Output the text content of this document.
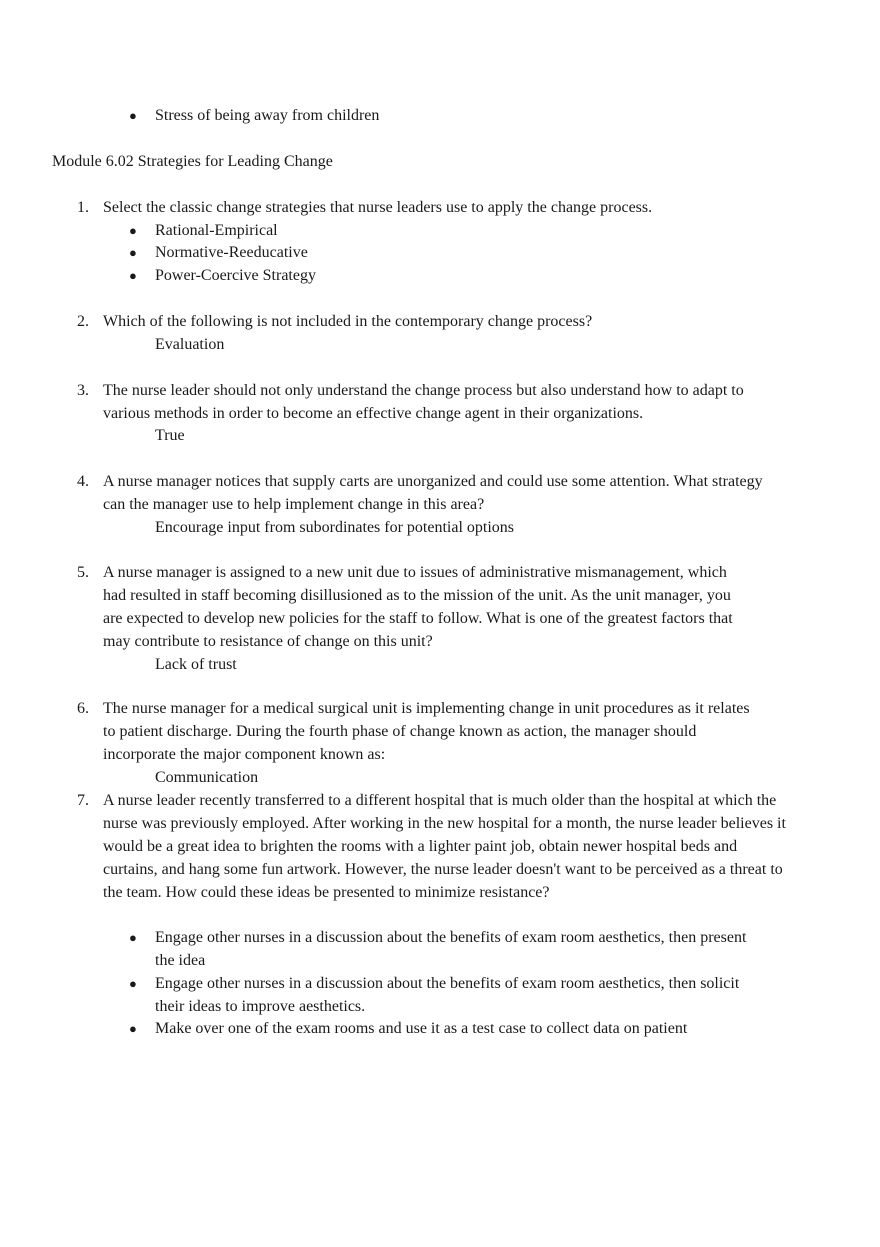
● Stress of being away from children
Module 6.02 Strategies for Leading Change
1. Select the classic change strategies that nurse leaders use to apply the change process.
● Rational-Empirical
● Normative-Reeducative
● Power-Coercive Strategy
2. Which of the following is not included in the contemporary change process?
Evaluation
3. The nurse leader should not only understand the change process but also understand how to adapt to various methods in order to become an effective change agent in their organizations.
True
4. A nurse manager notices that supply carts are unorganized and could use some attention. What strategy can the manager use to help implement change in this area?
Encourage input from subordinates for potential options
5. A nurse manager is assigned to a new unit due to issues of administrative mismanagement, which had resulted in staff becoming disillusioned as to the mission of the unit. As the unit manager, you are expected to develop new policies for the staff to follow. What is one of the greatest factors that may contribute to resistance of change on this unit?
Lack of trust
6. The nurse manager for a medical surgical unit is implementing change in unit procedures as it relates to patient discharge. During the fourth phase of change known as action, the manager should incorporate the major component known as:
Communication
7. A nurse leader recently transferred to a different hospital that is much older than the hospital at which the nurse was previously employed. After working in the new hospital for a month, the nurse leader believes it would be a great idea to brighten the rooms with a lighter paint job, obtain newer hospital beds and curtains, and hang some fun artwork. However, the nurse leader doesn't want to be perceived as a threat to the team. How could these ideas be presented to minimize resistance?
● Engage other nurses in a discussion about the benefits of exam room aesthetics, then present the idea
● Engage other nurses in a discussion about the benefits of exam room aesthetics, then solicit their ideas to improve aesthetics.
● Make over one of the exam rooms and use it as a test case to collect data on patient
